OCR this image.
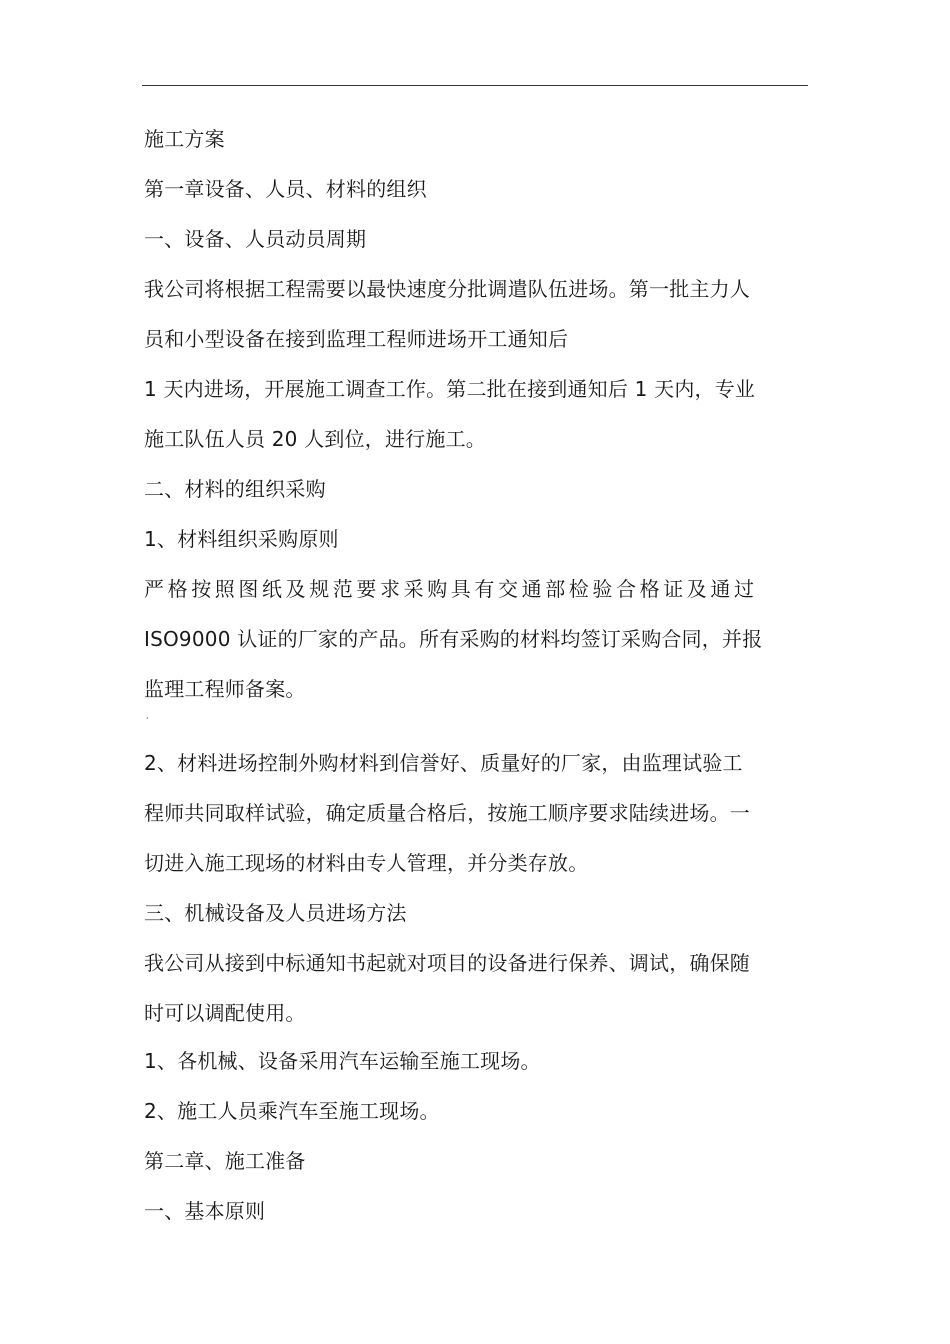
施工方案
第一章设备、人员、材料的组织
一、设备、人员动员周期
我公司将根据工程需要以最快速度分批调遣队伍进场。第一批主力人
员和小型设备在接到监理工程师进场开工通知后
1 天内进场，开展施工调查工作。第二批在接到通知后 1 天内，专业
施工队伍人员 20 人到位，进行施工。
二、材料的组织采购
1、材料组织采购原则
严格按照图纸及规范要求采购具有交通部检验合格证及通过
ISO9000 认证的厂家的产品。所有采购的材料均签订采购合同，并报
监理工程师备案。
‘
2、材料进场控制外购材料到信誉好、质量好的厂家，由监理试验工
程师共同取样试验，确定质量合格后，按施工顺序要求陆续进场。一
切进入施工现场的材料由专人管理，并分类存放。
三、机械设备及人员进场方法
我公司从接到中标通知书起就对项目的设备进行保养、调试，确保随
时可以调配使用。
1、各机械、设备采用汽车运输至施工现场。
2、施工人员乘汽车至施工现场。
第二章、施工准备
一、基本原则
